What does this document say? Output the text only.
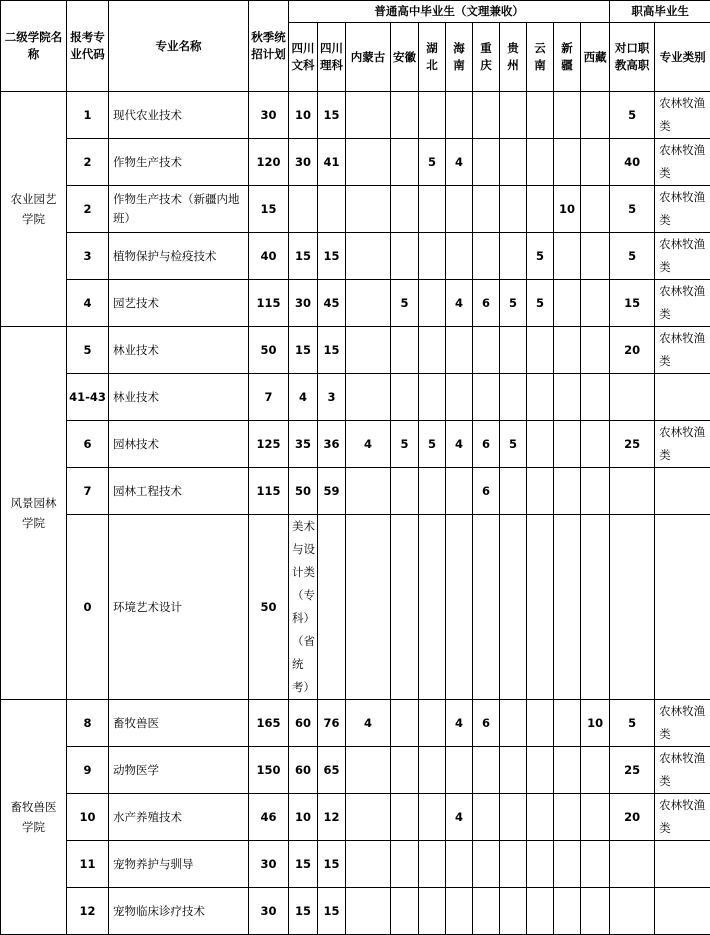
二级学院名称	报考专业代码	专业名称	秋季统招计划	普通高中毕业生（文理兼收）											职高毕业生	
				四川文科	四川理科	内蒙古	安徽	湖北	海南	重庆	贵州	云南	新疆	西藏	对口职教高职	专业类别
农业园艺学院	1	现代农业技术	30	10	15										5	农林牧渔类
	2	作物生产技术	120	30	41			5	4						40	农林牧渔类
	2	作物生产技术（新疆内地班）	15										10		5	农林牧渔类
	3	植物保护与检疫技术	40	15	15							5			5	农林牧渔类
	4	园艺技术	115	30	45		5		4	6	5	5			15	农林牧渔类
风景园林学院	5	林业技术	50	15	15										20	农林牧渔类
	41-43	林业技术	7	4	3											
	6	园林技术	125	35	36	4	5	5	4	6	5				25	农林牧渔类
	7	园林工程技术	115	50	59					6						
	0	环境艺术设计	50	美术与设计类（专科）（省统考）												
畜牧兽医学院	8	畜牧兽医	165	60	76	4			4	6				10	5	农林牧渔类
	9	动物医学	150	60	65										25	农林牧渔类
	10	水产养殖技术	46	10	12				4						20	农林牧渔类
	11	宠物养护与驯导	30	15	15											
	12	宠物临床诊疗技术	30	15	15											
